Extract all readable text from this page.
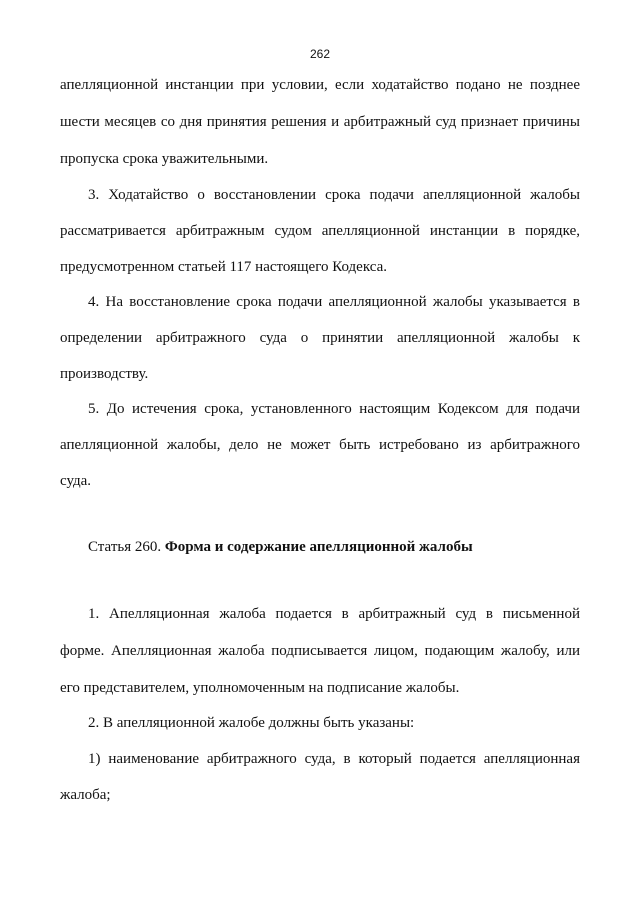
262
апелляционной инстанции при условии, если ходатайство подано не позднее
шести месяцев со дня принятия решения и арбитражный суд признает причины
пропуска срока уважительными.
3. Ходатайство о восстановлении срока подачи апелляционной жалобы
рассматривается арбитражным судом апелляционной инстанции в порядке,
предусмотренном статьей 117 настоящего Кодекса.
4. На восстановление срока подачи апелляционной жалобы указывается в
определении арбитражного суда о принятии апелляционной жалобы к
производству.
5. До истечения срока, установленного настоящим Кодексом для подачи
апелляционной жалобы, дело не может быть истребовано из арбитражного
суда.
Статья 260. Форма и содержание апелляционной жалобы
1. Апелляционная жалоба подается в арбитражный суд в письменной
форме. Апелляционная жалоба подписывается лицом, подающим жалобу, или
его представителем, уполномоченным на подписание жалобы.
2. В апелляционной жалобе должны быть указаны:
1) наименование арбитражного суда, в который подается апелляционная
жалоба;
